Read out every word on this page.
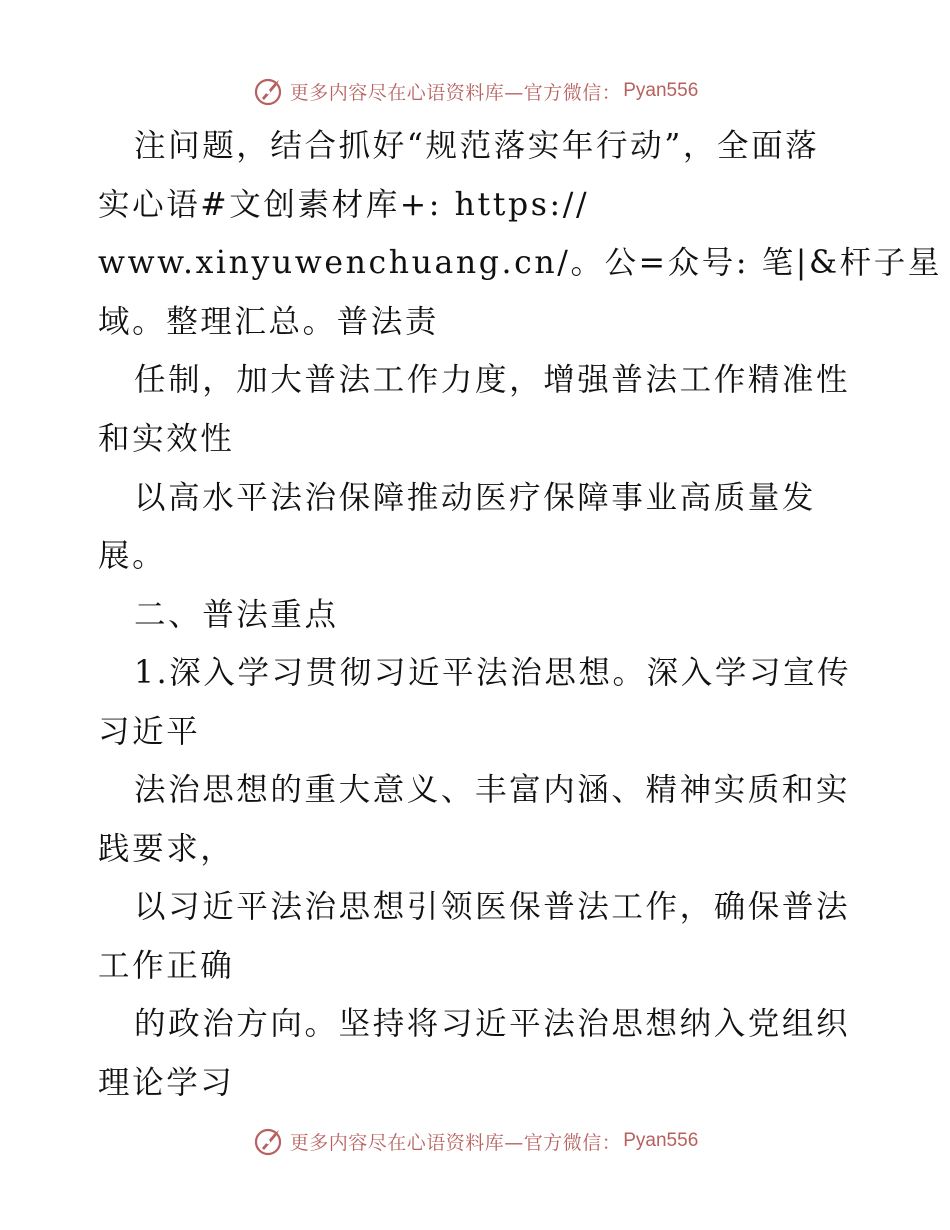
更多内容尽在心语资料库—官方微信： Pyan556
注问题，结合抓好“规范落实年行动”，全面落
实心语#文创素材库+: https://
www.xinyuwenchuang.cn/。公=众号: 笔|&杆子星
域。整理汇总。普法责
任制，加大普法工作力度，增强普法工作精准性
和实效性
以高水平法治保障推动医疗保障事业高质量发
展。
二、普法重点
1.深入学习贯彻习近平法治思想。深入学习宣传
习近平
法治思想的重大意义、丰富内涵、精神实质和实
践要求，
以习近平法治思想引领医保普法工作，确保普法
工作正确
的政治方向。坚持将习近平法治思想纳入党组织
理论学习
更多内容尽在心语资料库—官方微信： Pyan556
